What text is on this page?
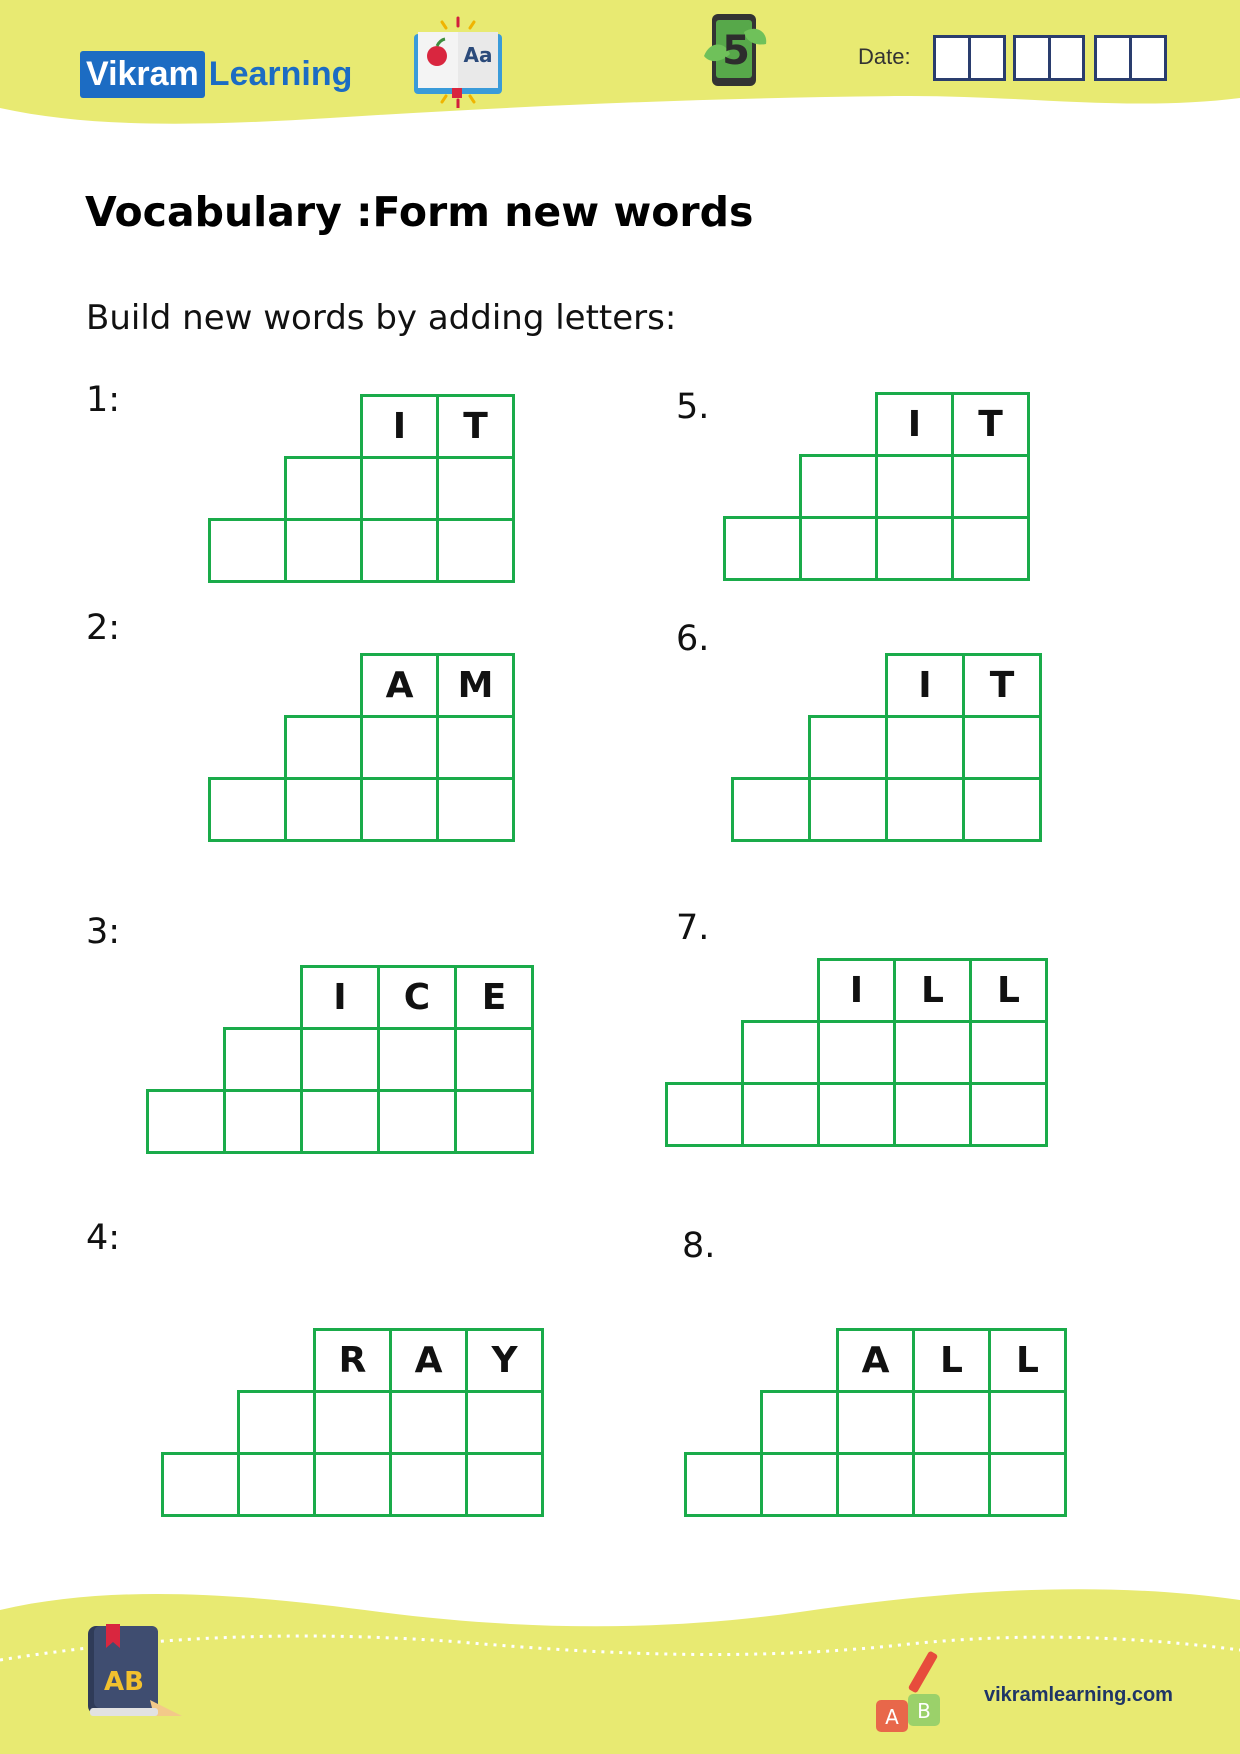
Vikram Learning	Aa	5	Date:
Vocabulary :Form new words
Build new words by adding letters:
1:
2:
3:
4:
5.
6.
7.
8.
I	T
A	M
I	C	E
R	A	Y
I	T
I	T
I	L	L
A	L	L
AB
A B
vikramlearning.com
